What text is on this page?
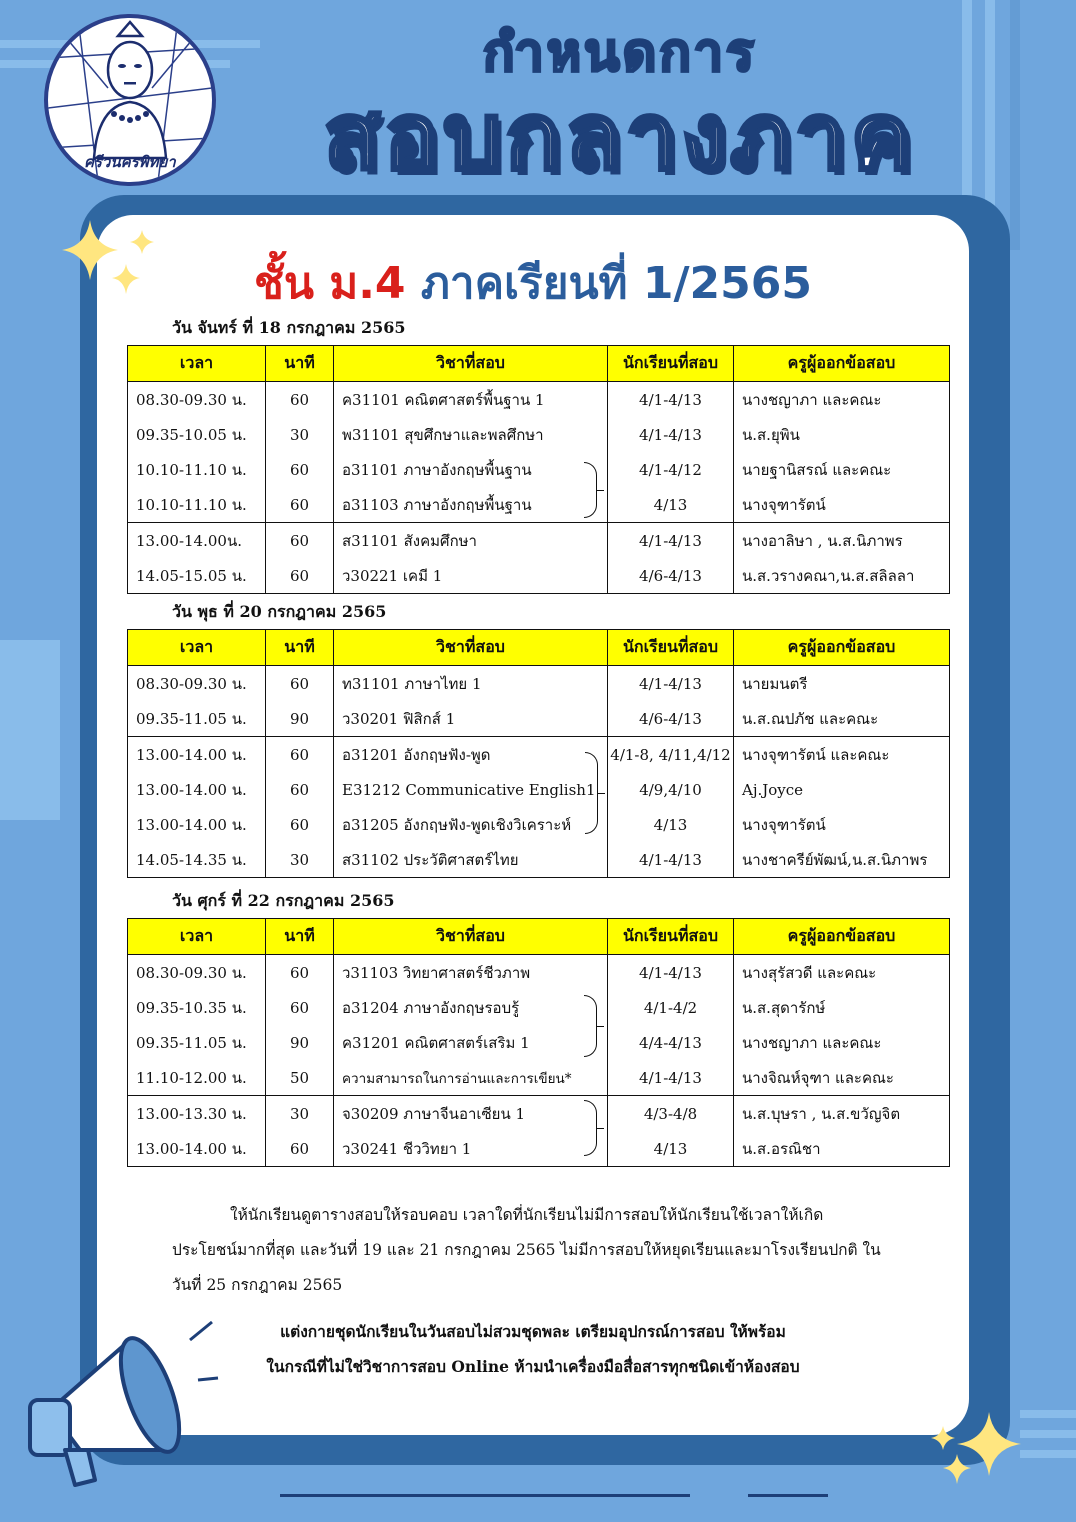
ศรีวนครพิทยา
กำหนดการ
สอบกลางภาค
ชั้น ม.4 ภาคเรียนที่ 1/2565
วัน จันทร์ ที่ 18 กรกฎาคม 2565
เวลา	นาที	วิชาที่สอบ	นักเรียนที่สอบ	ครูผู้ออกข้อสอบ
08.30-09.30 น.	60	ค31101 คณิตศาสตร์พื้นฐาน 1	4/1-4/13	นางชญาภา และคณะ
09.35-10.05 น.	30	พ31101 สุขศึกษาและพลศึกษา	4/1-4/13	น.ส.ยุพิน
10.10-11.10 น.	60	อ31101 ภาษาอังกฤษพื้นฐาน	4/1-4/12	นายฐานิสรณ์ และคณะ
10.10-11.10 น.	60	อ31103 ภาษาอังกฤษพื้นฐาน	4/13	นางจุฑารัตน์
13.00-14.00น.	60	ส31101 สังคมศึกษา	4/1-4/13	นางอาลิษา , น.ส.นิภาพร
14.05-15.05 น.	60	ว30221 เคมี 1	4/6-4/13	น.ส.วรางคณา,น.ส.สลิลลา
วัน พุธ ที่ 20 กรกฎาคม 2565
เวลา	นาที	วิชาที่สอบ	นักเรียนที่สอบ	ครูผู้ออกข้อสอบ
08.30-09.30 น.	60	ท31101 ภาษาไทย 1	4/1-4/13	นายมนตรี
09.35-11.05 น.	90	ว30201 ฟิสิกส์ 1	4/6-4/13	น.ส.ณปภัช และคณะ
13.00-14.00 น.	60	อ31201 อังกฤษฟัง-พูด	4/1-8, 4/11,4/12	นางจุฑารัตน์ และคณะ
13.00-14.00 น.	60	E31212 Communicative English1	4/9,4/10	Aj.Joyce
13.00-14.00 น.	60	อ31205 อังกฤษฟัง-พูดเชิงวิเคราะห์	4/13	นางจุฑารัตน์
14.05-14.35 น.	30	ส31102 ประวัติศาสตร์ไทย	4/1-4/13	นางชาครีย์พัฒน์,น.ส.นิภาพร
วัน ศุกร์ ที่ 22 กรกฎาคม 2565
เวลา	นาที	วิชาที่สอบ	นักเรียนที่สอบ	ครูผู้ออกข้อสอบ
08.30-09.30 น.	60	ว31103 วิทยาศาสตร์ชีวภาพ	4/1-4/13	นางสุรัสวดี และคณะ
09.35-10.35 น.	60	อ31204 ภาษาอังกฤษรอบรู้	4/1-4/2	น.ส.สุดารักษ์
09.35-11.05 น.	90	ค31201 คณิตศาสตร์เสริม 1	4/4-4/13	นางชญาภา และคณะ
11.10-12.00 น.	50	ความสามารถในการอ่านและการเขียน*	4/1-4/13	นางจิณห์จุฑา และคณะ
13.00-13.30 น.	30	จ30209 ภาษาจีนอาเซียน 1	4/3-4/8	น.ส.บุษรา , น.ส.ขวัญจิต
13.00-14.00 น.	60	ว30241 ชีววิทยา 1	4/13	น.ส.อรณิชา

ให้นักเรียนดูตารางสอบให้รอบคอบ เวลาใดที่นักเรียนไม่มีการสอบให้นักเรียนใช้เวลาให้เกิด

ประโยชน์มากที่สุด และวันที่ 19 และ 21 กรกฎาคม 2565 ไม่มีการสอบให้หยุดเรียนและมาโรงเรียนปกติ ใน

วันที่ 25 กรกฎาคม 2565

แต่งกายชุดนักเรียนในวันสอบไม่สวมชุดพละ เตรียมอุปกรณ์การสอบ ให้พร้อม
ในกรณีที่ไม่ใช่วิชาการสอบ Online ห้ามนำเครื่องมือสื่อสารทุกชนิดเข้าห้องสอบ
